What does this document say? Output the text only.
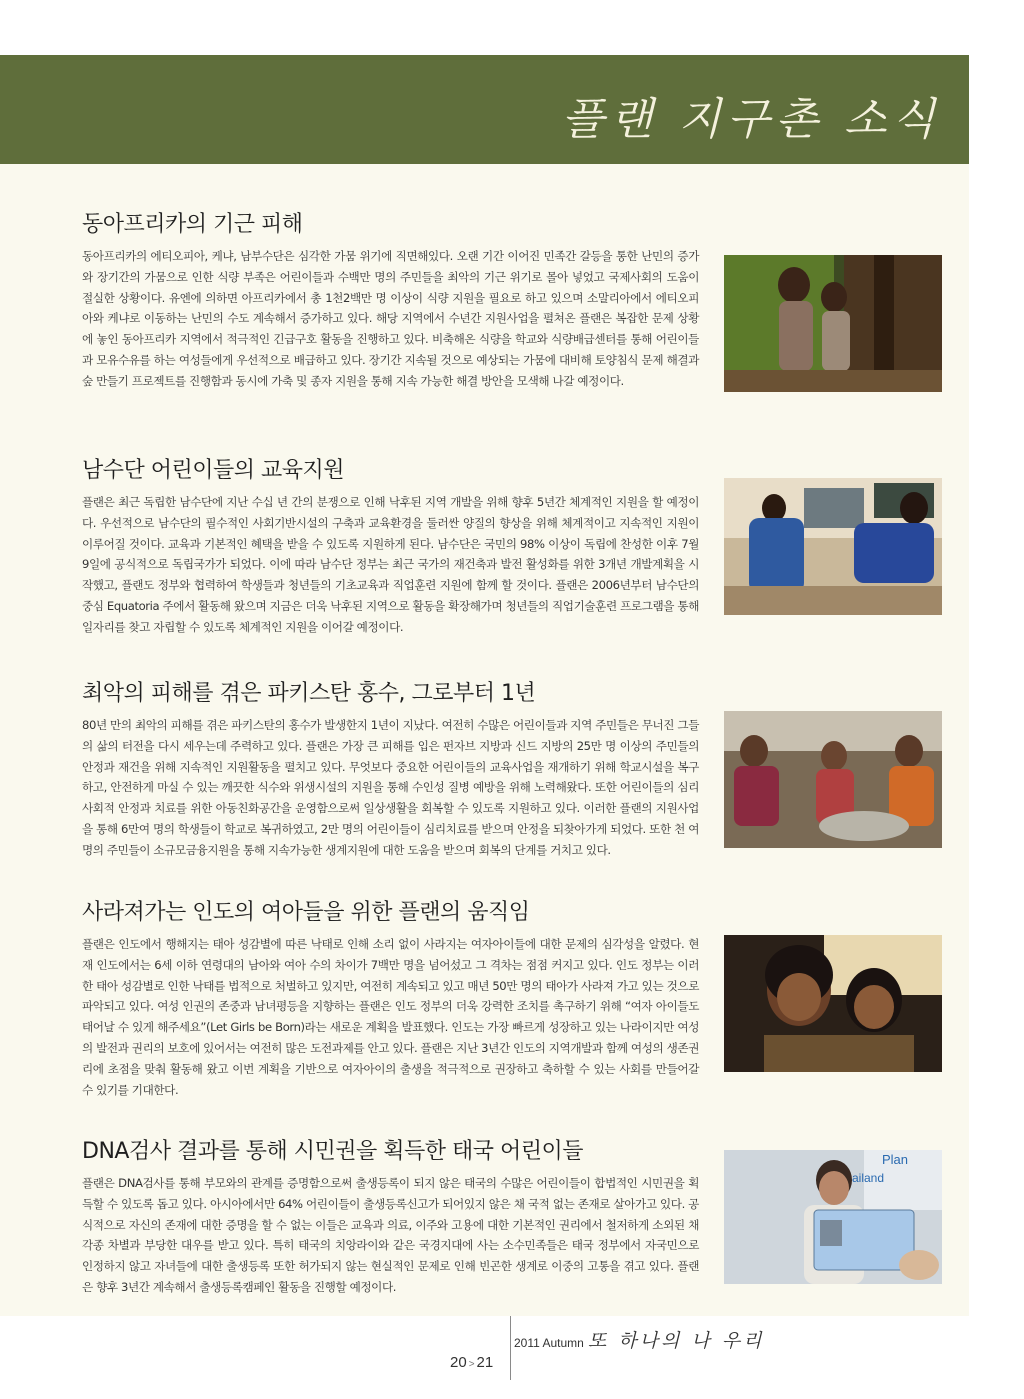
플랜 지구촌 소식
동아프리카의 기근 피해
동아프리카의 에티오피아, 케냐, 남부수단은 심각한 가뭄 위기에 직면해있다. 오랜 기간 이어진 민족간 갈등을 통한 난민의 증가와 장기간의 가뭄으로 인한 식량 부족은 어린이들과 수백만 명의 주민들을 최악의 기근 위기로 몰아 넣었고 국제사회의 도움이 절실한 상황이다. 유엔에 의하면 아프리카에서 총 1천2백만 명 이상이 식량 지원을 필요로 하고 있으며 소말리아에서 에티오피아와 케냐로 이동하는 난민의 수도 계속해서 증가하고 있다. 해당 지역에서 수년간 지원사업을 펼쳐온 플랜은 복잡한 문제 상황에 놓인 동아프리카 지역에서 적극적인 긴급구호 활동을 진행하고 있다. 비축해온 식량을 학교와 식량배급센터를 통해 어린이들과 모유수유를 하는 여성들에게 우선적으로 배급하고 있다. 장기간 지속될 것으로 예상되는 가뭄에 대비해 토양침식 문제 해결과 숲 만들기 프로젝트를 진행함과 동시에 가축 및 종자 지원을 통해 지속 가능한 해결 방안을 모색해 나갈 예정이다.
남수단 어린이들의 교육지원
플랜은 최근 독립한 남수단에 지난 수십 년 간의 분쟁으로 인해 낙후된 지역 개발을 위해 향후 5년간 체계적인 지원을 할 예정이다. 우선적으로 남수단의 필수적인 사회기반시설의 구축과 교육환경을 둘러싼 양질의 향상을 위해 체계적이고 지속적인 지원이 이루어질 것이다. 교육과 기본적인 혜택을 받을 수 있도록 지원하게 된다. 남수단은 국민의 98% 이상이 독립에 찬성한 이후 7월9일에 공식적으로 독립국가가 되었다. 이에 따라 남수단 정부는 최근 국가의 재건축과 발전 활성화를 위한 3개년 개발계획을 시작했고, 플랜도 정부와 협력하여 학생들과 청년들의 기초교육과 직업훈련 지원에 함께 할 것이다. 플랜은 2006년부터 남수단의 중심 Equatoria 주에서 활동해 왔으며 지금은 더욱 낙후된 지역으로 활동을 확장해가며 청년들의 직업기술훈련 프로그램을 통해 일자리를 찾고 자립할 수 있도록 체계적인 지원을 이어갈 예정이다.
최악의 피해를 겪은 파키스탄 홍수, 그로부터 1년
80년 만의 최악의 피해를 겪은 파키스탄의 홍수가 발생한지 1년이 지났다. 여전히 수많은 어린이들과 지역 주민들은 무너진 그들의 삶의 터전을 다시 세우는데 주력하고 있다. 플랜은 가장 큰 피해를 입은 펀자브 지방과 신드 지방의 25만 명 이상의 주민들의 안정과 재건을 위해 지속적인 지원활동을 펼치고 있다. 무엇보다 중요한 어린이들의 교육사업을 재개하기 위해 학교시설을 복구하고, 안전하게 마실 수 있는 깨끗한 식수와 위생시설의 지원을 통해 수인성 질병 예방을 위해 노력해왔다. 또한 어린이들의 심리사회적 안정과 치료를 위한 아동친화공간을 운영함으로써 일상생활을 회복할 수 있도록 지원하고 있다. 이러한 플랜의 지원사업을 통해 6만여 명의 학생들이 학교로 복귀하였고, 2만 명의 어린이들이 심리치료를 받으며 안정을 되찾아가게 되었다. 또한 천 여 명의 주민들이 소규모금융지원을 통해 지속가능한 생계지원에 대한 도움을 받으며 회복의 단계를 거치고 있다.
사라져가는 인도의 여아들을 위한 플랜의 움직임
플랜은 인도에서 행해지는 태아 성감별에 따른 낙태로 인해 소리 없이 사라지는 여자아이들에 대한 문제의 심각성을 알렸다. 현재 인도에서는 6세 이하 연령대의 남아와 여아 수의 차이가 7백만 명을 넘어섰고 그 격차는 점점 커지고 있다. 인도 정부는 이러한 태아 성감별로 인한 낙태를 법적으로 처벌하고 있지만, 여전히 계속되고 있고 매년 50만 명의 태아가 사라져 가고 있는 것으로 파악되고 있다. 여성 인권의 존중과 남녀평등을 지향하는 플랜은 인도 정부의 더욱 강력한 조치를 촉구하기 위해 “여자 아이들도 태어날 수 있게 해주세요”(Let Girls be Born)라는 새로운 계획을 발표했다. 인도는 가장 빠르게 성장하고 있는 나라이지만 여성의 발전과 권리의 보호에 있어서는 여전히 많은 도전과제를 안고 있다. 플랜은 지난 3년간 인도의 지역개발과 함께 여성의 생존권리에 초점을 맞춰 활동해 왔고 이번 계획을 기반으로 여자아이의 출생을 적극적으로 권장하고 축하할 수 있는 사회를 만들어갈 수 있기를 기대한다.
DNA검사 결과를 통해 시민권을 획득한 태국 어린이들
플랜은 DNA검사를 통해 부모와의 관계를 증명함으로써 출생등록이 되지 않은 태국의 수많은 어린이들이 합법적인 시민권을 획득할 수 있도록 돕고 있다. 아시아에서만 64% 어린이들이 출생등록신고가 되어있지 않은 채 국적 없는 존재로 살아가고 있다. 공식적으로 자신의 존재에 대한 증명을 할 수 없는 이들은 교육과 의료, 이주와 고용에 대한 기본적인 권리에서 철저하게 소외된 채 각종 차별과 부당한 대우를 받고 있다. 특히 태국의 치앙라이와 같은 국경지대에 사는 소수민족들은 태국 정부에서 자국민으로 인정하지 않고 자녀들에 대한 출생등록 또한 허가되지 않는 현실적인 문제로 인해 빈곤한 생계로 이중의 고통을 겪고 있다. 플랜은 향후 3년간 계속해서 출생등록캠페인 활동을 진행할 예정이다.
Plan
ailand
20 > 21
2011 Autumn 또 하나의 나 우리
